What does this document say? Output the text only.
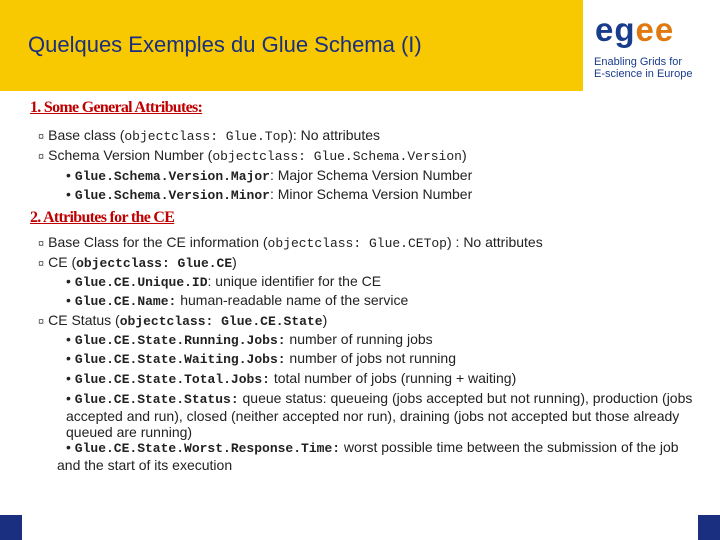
Quelques Exemples du Glue Schema (I)	egee
Enabling Grids for
E-science in Europe
1. Some General Attributes:
¤ Base class (objectclass: Glue.Top): No attributes
¤ Schema Version Number (objectclass: Glue.Schema.Version)
• Glue.Schema.Version.Major: Major Schema Version Number
• Glue.Schema.Version.Minor: Minor Schema Version Number
2. Attributes for the CE
¤ Base Class for the CE information (objectclass: Glue.CETop) : No attributes
¤ CE (objectclass: Glue.CE)
• Glue.CE.Unique.ID: unique identifier for the CE
• Glue.CE.Name: human-readable name of the service
¤ CE Status (objectclass: Glue.CE.State)
• Glue.CE.State.Running.Jobs: number of running jobs
• Glue.CE.State.Waiting.Jobs: number of jobs not running
• Glue.CE.State.Total.Jobs: total number of jobs (running + waiting)
• Glue.CE.State.Status: queue status: queueing (jobs accepted but not running), production (jobs accepted and run), closed (neither accepted nor run), draining (jobs not accepted but those already queued are running)
• Glue.CE.State.Worst.Response.Time: worst possible time between the submission of the job and the start of its execution
